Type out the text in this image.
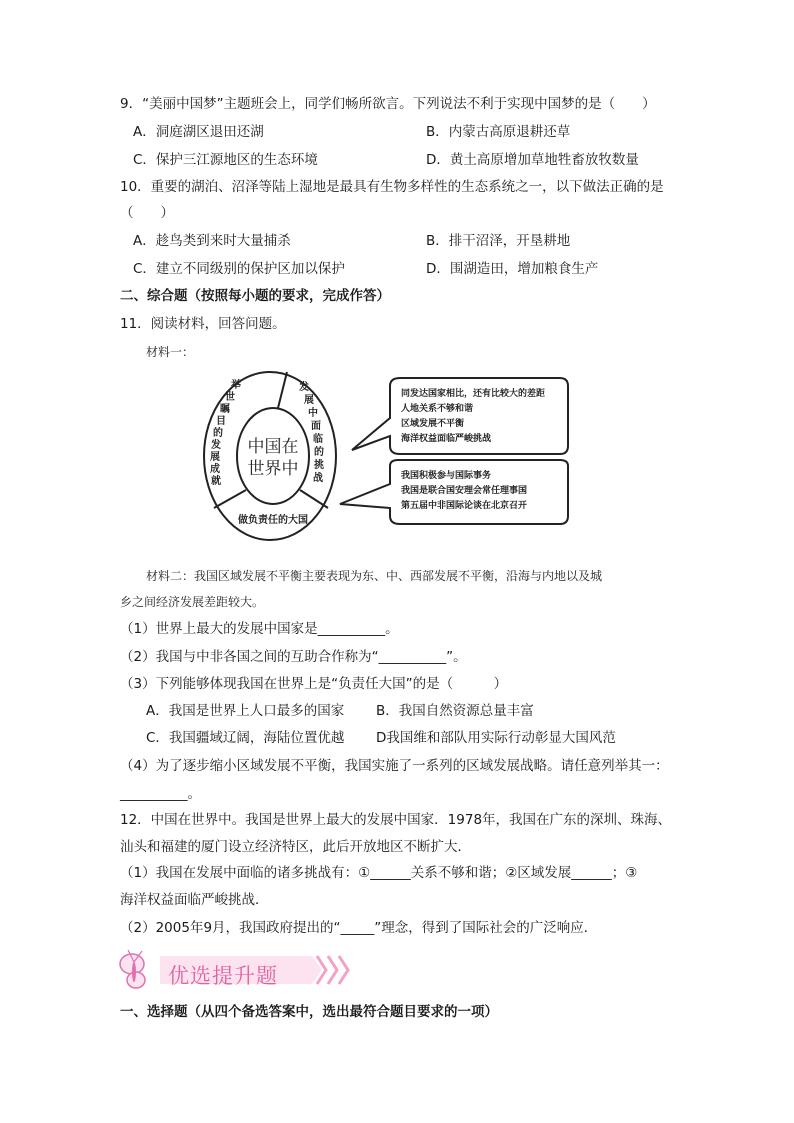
9．“美丽中国梦”主题班会上，同学们畅所欲言。下列说法不利于实现中国梦的是（　　）
A．洞庭湖区退田还湖	B．内蒙古高原退耕还草
C．保护三江源地区的生态环境	D．黄土高原增加草地牲畜放牧数量
10．重要的湖泊、沼泽等陆上湿地是最具有生物多样性的生态系统之一，以下做法正确的是
（　　）
A．趁鸟类到来时大量捕杀	B．排干沼泽，开垦耕地
C．建立不同级别的保护区加以保护	D．围湖造田，增加粮食生产
二、综合题（按照每小题的要求，完成作答）
11．阅读材料，回答问题。
材料一：
中国在
世界中
举
世
瞩
目
的
发
展
成
就
发
展
中
面
临
的
挑
战
做负责任的大国
同发达国家相比，还有比较大的差距
人地关系不够和谐
区域发展不平衡
海洋权益面临严峻挑战
我国积极参与国际事务
我国是联合国安理会常任理事国
第五届中非国际论谈在北京召开
材料二：我国区域发展不平衡主要表现为东、中、西部发展不平衡，沿海与内地以及城
乡之间经济发展差距较大。
（1）世界上最大的发展中国家是__________。
（2）我国与中非各国之间的互助合作称为“__________”。
（3）下列能够体现我国在世界上是“负责任大国”的是（　　　）
A．我国是世界上人口最多的国家 B．我国自然资源总量丰富
C．我国疆域辽阔，海陆位置优越 D我国维和部队用实际行动彰显大国风范
（4）为了逐步缩小区域发展不平衡，我国实施了一系列的区域发展战略。请任意列举其一：
__________。
12．中国在世界中。我国是世界上最大的发展中国家．1978年，我国在广东的深圳、珠海、
汕头和福建的厦门设立经济特区，此后开放地区不断扩大．
（1）我国在发展中面临的诸多挑战有：①______关系不够和谐；②区域发展______；③
海洋权益面临严峻挑战．
（2）2005年9月，我国政府提出的“_____”理念，得到了国际社会的广泛响应．
优选提升题
一、选择题（从四个备选答案中，选出最符合题目要求的一项）
